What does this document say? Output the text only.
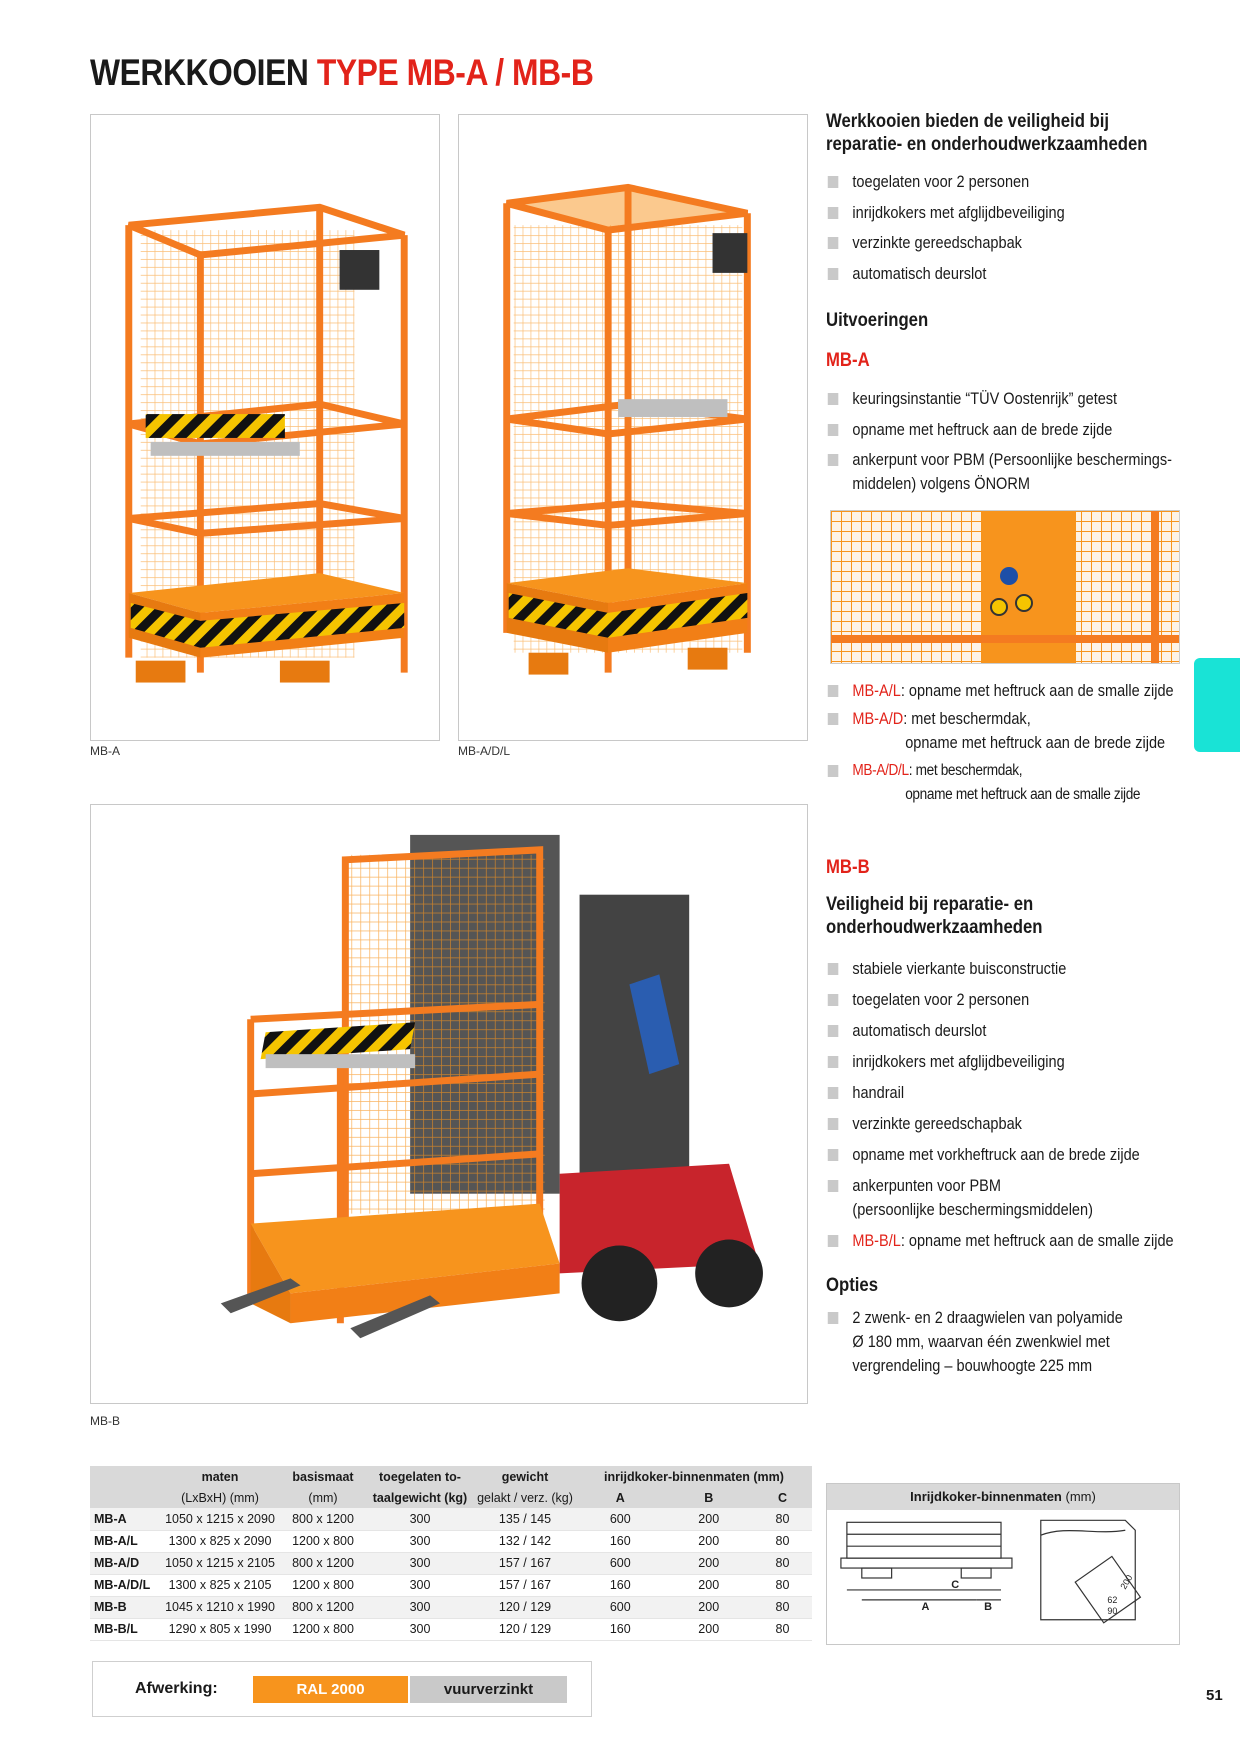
WERKKOOIEN TYPE MB-A / MB-B
MB-A	MB-A/D/L
MB-B
Werkkooien bieden de veiligheid bij
reparatie- en onderhoudwerkzaamheden
toegelaten voor 2 personen
inrijdkokers met afglijdbeveiliging
verzinkte gereedschapbak
automatisch deurslot
Uitvoeringen
MB-A
keuringsinstantie “TÜV Oostenrijk” getest
opname met heftruck aan de brede zijde
ankerpunt voor PBM (Persoonlijke beschermings-
middelen) volgens ÖNORM
MB-A/L: opname met heftruck aan de smalle zijde
MB-A/D: met beschermdak,
opname met heftruck aan de brede zijde
MB-A/D/L: met beschermdak,
opname met heftruck aan de smalle zijde
MB-B
Veiligheid bij reparatie- en
onderhoudwerkzaamheden
stabiele vierkante buisconstructie
toegelaten voor 2 personen
automatisch deurslot
inrijdkokers met afglijdbeveiliging
handrail
verzinkte gereedschapbak
opname met vorkheftruck aan de brede zijde
ankerpunten voor PBM
(persoonlijke beschermingsmiddelen)
MB-B/L: opname met heftruck aan de smalle zijde
Opties
2 zwenk- en 2 draagwielen van polyamide
Ø 180 mm, waarvan één zwenkwiel met
vergrendeling – bouwhoogte 225 mm
	maten	basismaat	toegelaten to-	gewicht	inrijdkoker-binnenmaten (mm)		
	(LxBxH) (mm)	(mm)	taalgewicht (kg)	gelakt / verz. (kg)	A	B	C
MB-A	1050 x 1215 x 2090	800 x 1200	300	135 / 145	600	200	80
MB-A/L	1300 x 825 x 2090	1200 x 800	300	132 / 142	160	200	80
MB-A/D	1050 x 1215 x 2105	800 x 1200	300	157 / 167	600	200	80
MB-A/D/L	1300 x 825 x 2105	1200 x 800	300	157 / 167	160	200	80
MB-B	1045 x 1210 x 1990	800 x 1200	300	120 / 129	600	200	80
MB-B/L	1290 x 805 x 1990	1200 x 800	300	120 / 129	160	200	80
Inrijdkoker-binnenmaten (mm)
C
A	B
62
90
200
Afwerking:	RAL 2000	vuurverzinkt	51
